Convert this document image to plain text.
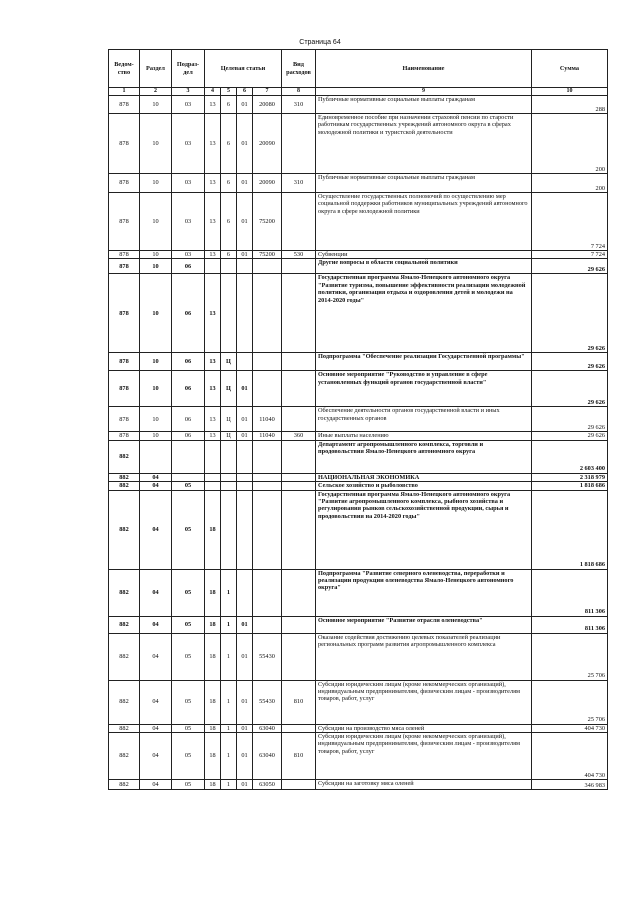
Страница 64
Ведом-ство	Раздел	Подраз-дел	Целевая статьи				Вид расходов	Наименование	Сумма
1	2	3	4	5	6	7	8	9	10
878	10	03	13	6	01	20080	310	Публичные нормативные социальные выплаты гражданам	288
878	10	03	13	6	01	20090		Единовременное пособие при назначении страховой пенсии по старости работникам государственных учреждений автономного округа в сферах молодежной политики и туристской деятельности	200
878	10	03	13	6	01	20090	310	Публичные нормативные социальные выплаты гражданам	200
878	10	03	13	6	01	75200		Осуществление государственных полномочий по осуществлению мер социальной поддержки работников муниципальных учреждений автономного округа в сфере молодежной политики	7 724
878	10	03	13	6	01	75200	530	Субвенции	7 724
878	10	06						Другие вопросы в области социальной политики	29 626
878	10	06	13					Государственная программа Ямало-Ненецкого автономного округа "Развитие туризма, повышение эффективности реализации молодежной политики, организация отдыха и оздоровления детей и молодежи на 2014-2020 годы"	29 626
878	10	06	13	Ц				Подпрограмма "Обеспечение реализации Государственной программы"	29 626
878	10	06	13	Ц	01			Основное мероприятие "Руководство и управление в сфере установленных функций органов государственной власти"	29 626
878	10	06	13	Ц	01	11040		Обеспечение деятельности органов государственной власти и иных государственных органов	29 626
878	10	06	13	Ц	01	11040	360	Иные выплаты населению	29 626
882								Департамент агропромышленного комплекса, торговли и продовольствия Ямало-Ненецкого автономного округа	2 603 400
882	04							НАЦИОНАЛЬНАЯ ЭКОНОМИКА	2 318 979
882	04	05						Сельское хозяйство и рыболовство	1 818 686
882	04	05	18					Государственная программа Ямало-Ненецкого автономного округа "Развитие агропромышленного комплекса, рыбного хозяйства и регулирования рынков сельскохозяйственной продукции, сырья и продовольствия на 2014-2020 годы"	1 818 686
882	04	05	18	1				Подпрограмма "Развитие северного оленеводства, переработки и реализации продукции оленеводства Ямало-Ненецкого автономного округа"	811 306
882	04	05	18	1	01			Основное мероприятие "Развитие отрасли оленеводства"	811 306
882	04	05	18	1	01	55430		Оказание содействия достижению целевых показателей реализации региональных программ развития агропромышленного комплекса	25 706
882	04	05	18	1	01	55430	810	Субсидии юридическим лицам (кроме некоммерческих организаций), индивидуальным предпринимателям, физическим лицам - производителям товаров, работ, услуг	25 706
882	04	05	18	1	01	63040		Субсидии на производство мяса оленей	404 730
882	04	05	18	1	01	63040	810	Субсидии юридическим лицам (кроме некоммерческих организаций), индивидуальным предпринимателям, физическим лицам - производителям товаров, работ, услуг	404 730
882	04	05	18	1	01	63050		Субсидии на заготовку мяса оленей	346 983
